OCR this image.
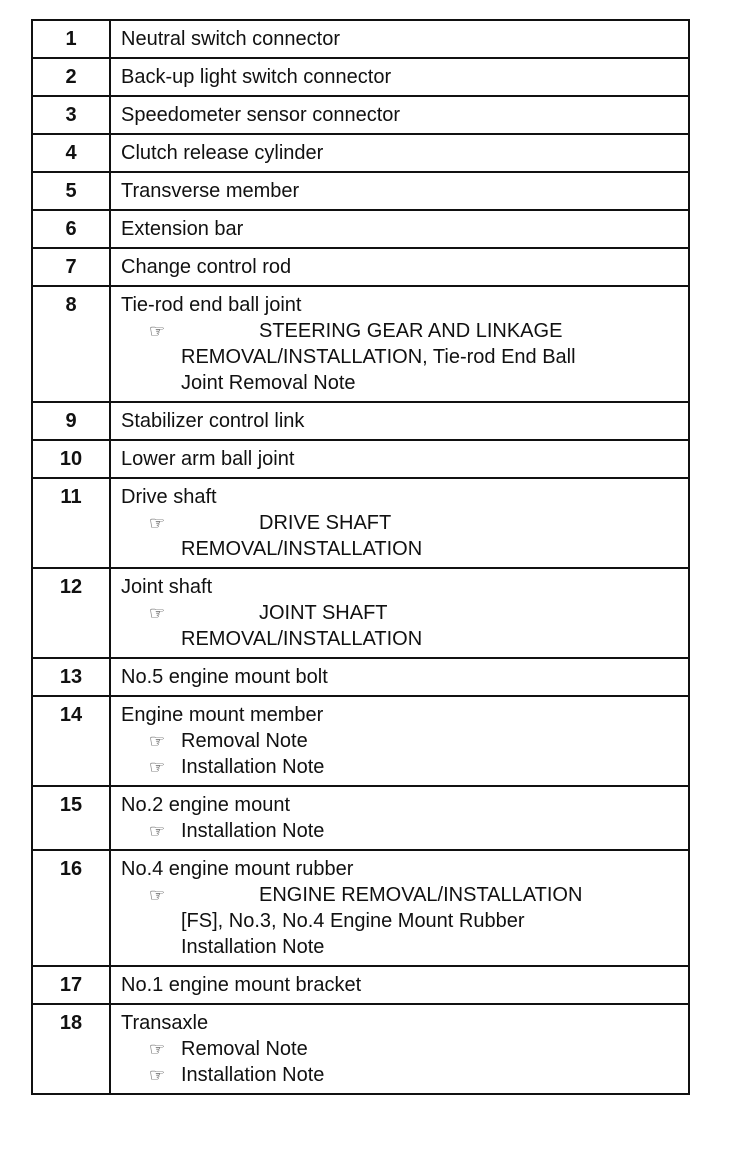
1	Neutral switch connector

2	Back-up light switch connector

3	Speedometer sensor connector

4	Clutch release cylinder

5	Transverse member

6	Extension bar

7	Change control rod

8	Tie-rod end ball joint
☞ STEERING GEAR AND LINKAGE
REMOVAL/INSTALLATION, Tie-rod End Ball
Joint Removal Note

9	Stabilizer control link

10	Lower arm ball joint

11	Drive shaft
☞ DRIVE SHAFT
REMOVAL/INSTALLATION

12	Joint shaft
☞ JOINT SHAFT
REMOVAL/INSTALLATION

13	No.5 engine mount bolt

14	Engine mount member
☞ Removal Note
☞ Installation Note

15	No.2 engine mount
☞ Installation Note

16	No.4 engine mount rubber
☞ ENGINE REMOVAL/INSTALLATION
[FS], No.3, No.4 Engine Mount Rubber
Installation Note

17	No.1 engine mount bracket

18	Transaxle
☞ Removal Note
☞ Installation Note
